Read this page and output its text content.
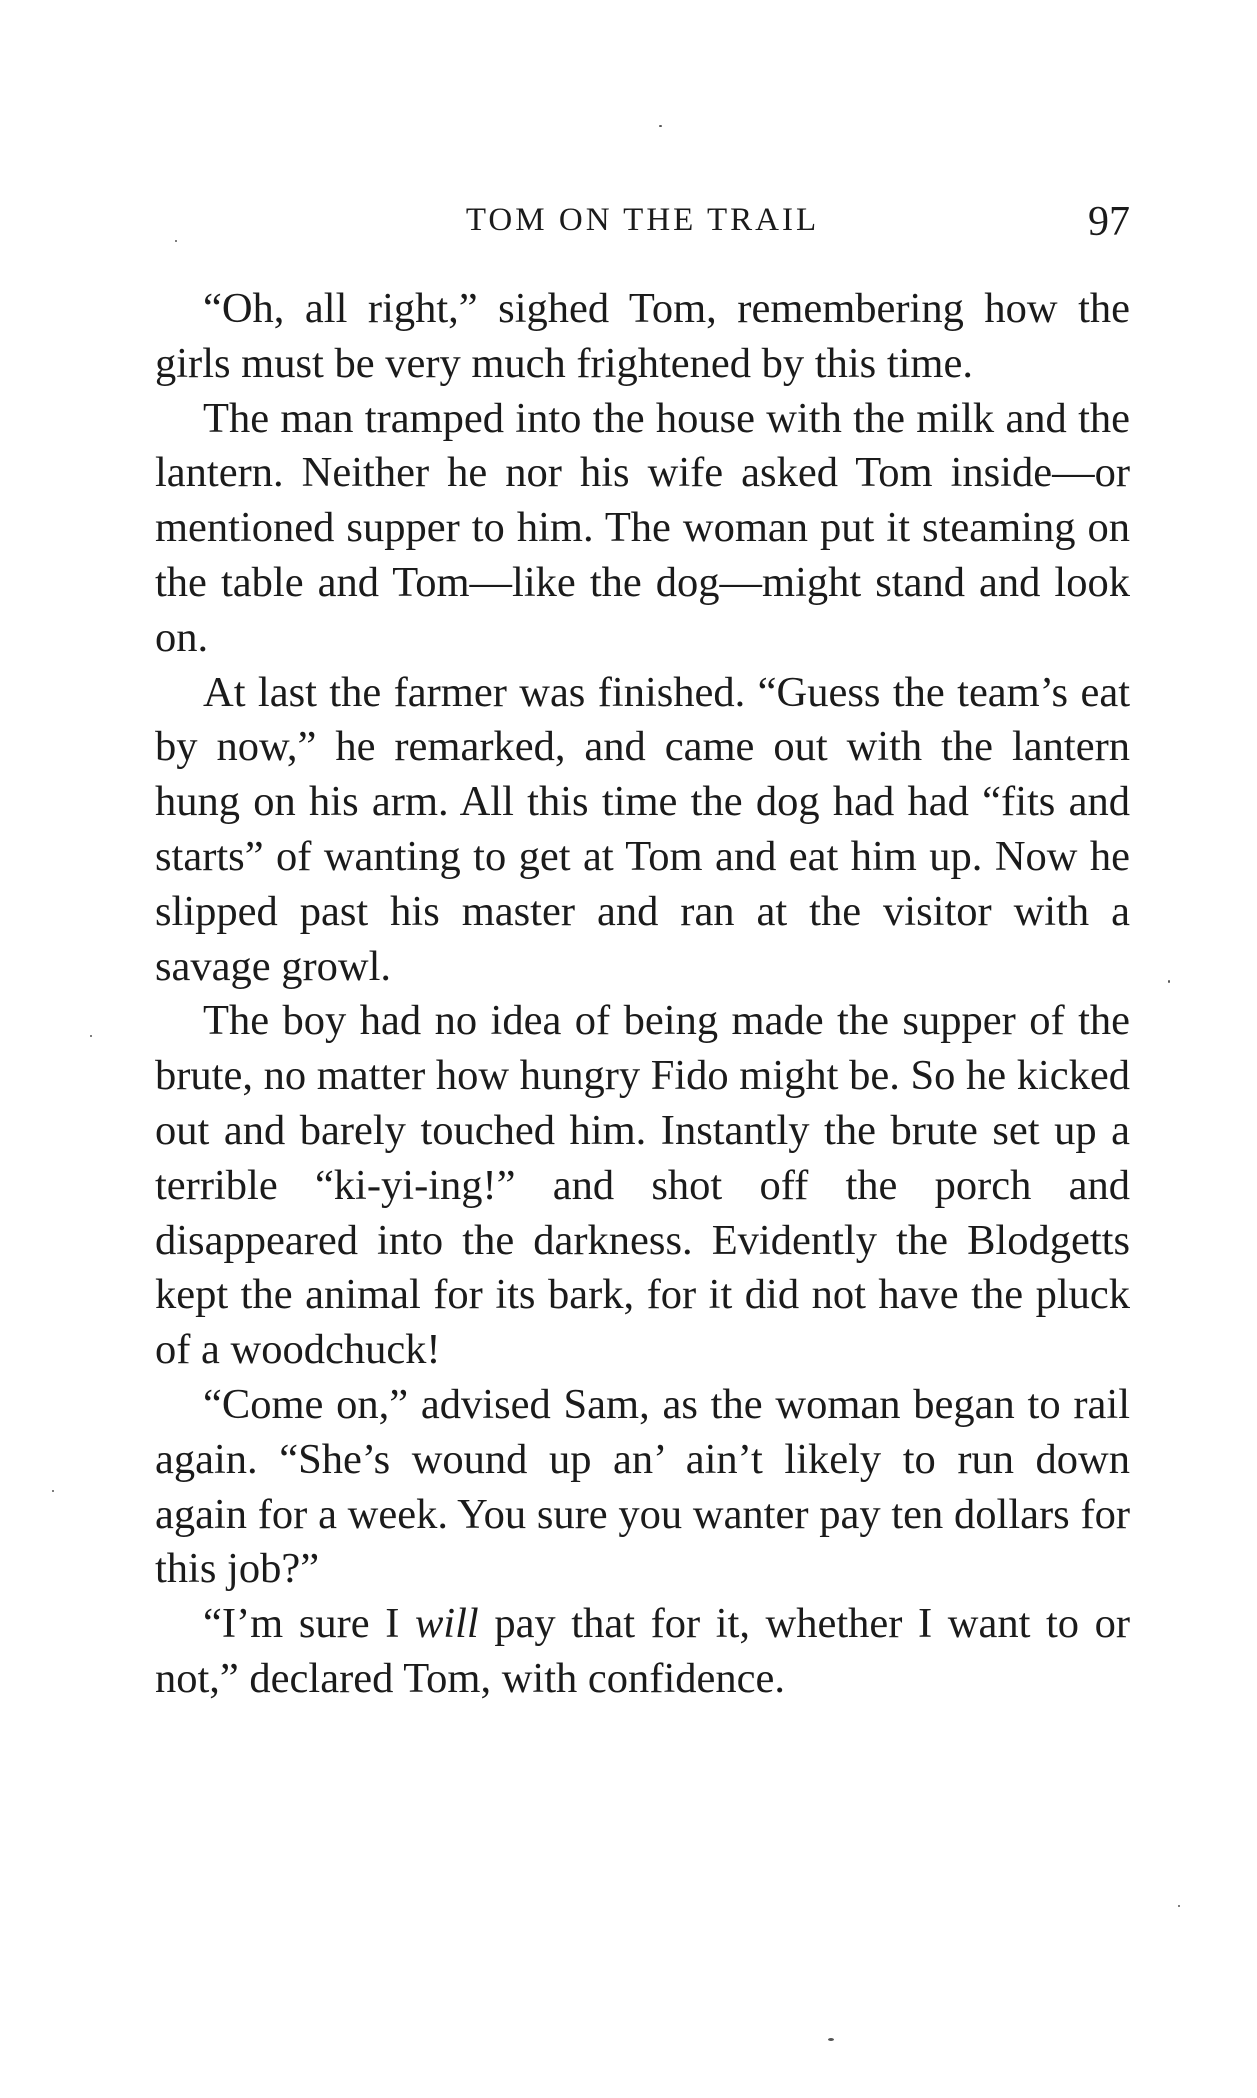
TOM ON THE TRAIL	97

“Oh, all right,” sighed Tom, remembering how the girls must be very much frightened by this time.

The man tramped into the house with the milk and the lantern. Neither he nor his wife asked Tom inside—or mentioned supper to him. The woman put it steaming on the table and Tom—like the dog—might stand and look on.

At last the farmer was finished. “Guess the team’s eat by now,” he remarked, and came out with the lantern hung on his arm. All this time the dog had had “fits and starts” of wanting to get at Tom and eat him up. Now he slipped past his master and ran at the visitor with a savage growl.

The boy had no idea of being made the supper of the brute, no matter how hungry Fido might be. So he kicked out and barely touched him. Instantly the brute set up a terrible “ki-yi-ing!” and shot off the porch and disappeared into the darkness. Evidently the Blodgetts kept the animal for its bark, for it did not have the pluck of a woodchuck!

“Come on,” advised Sam, as the woman began to rail again. “She’s wound up an’ ain’t likely to run down again for a week. You sure you wanter pay ten dollars for this job?”

“I’m sure I will pay that for it, whether I want to or not,” declared Tom, with confidence.
